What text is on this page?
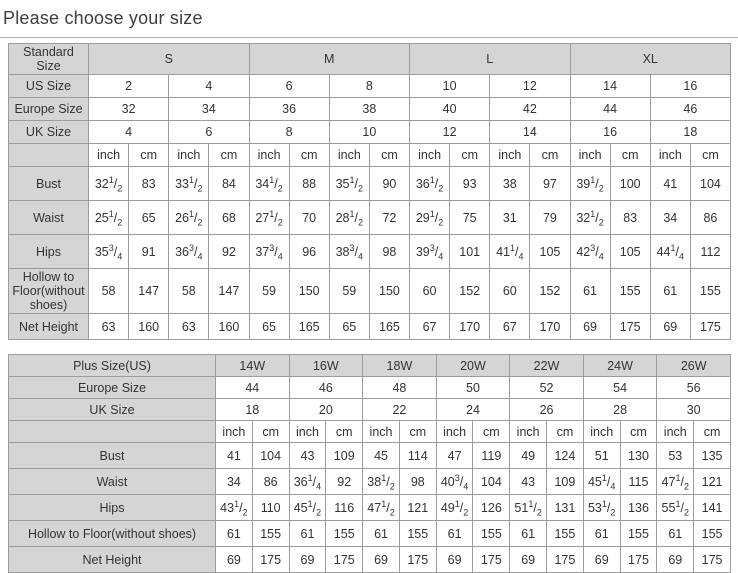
Please choose your size
Standard Size	S				M				L				XL			
US Size	2		4		6		8		10		12		14		16	
Europe Size	32		34		36		38		40		42		44		46	
UK Size	4		6		8		10		12		14		16		18	
	inch	cm	inch	cm	inch	cm	inch	cm	inch	cm	inch	cm	inch	cm	inch	cm
Bust	$32^1/_2$	83	$33^1/_2$	84	$34^1/_2$	88	$35^1/_2$	90	$36^1/_2$	93	38	97	$39^1/_2$	100	41	104
Waist	$25^1/_2$	65	$26^1/_2$	68	$27^1/_2$	70	$28^1/_2$	72	$29^1/_2$	75	31	79	$32^1/_2$	83	34	86
Hips	$35^3/_4$	91	$36^3/_4$	92	$37^3/_4$	96	$38^3/_4$	98	$39^3/_4$	101	$41^1/_4$	105	$42^3/_4$	105	$44^1/_4$	112
Hollow to Floor(without shoes)	58	147	58	147	59	150	59	150	60	152	60	152	61	155	61	155
Net Height	63	160	63	160	65	165	65	165	67	170	67	170	69	175	69	175
Plus Size(US)	14W		16W		18W		20W		22W		24W		26W	
Europe Size	44		46		48		50		52		54		56	
UK Size	18		20		22		24		26		28		30	
	inch	cm	inch	cm	inch	cm	inch	cm	inch	cm	inch	cm	inch	cm
Bust	41	104	43	109	45	114	47	119	49	124	51	130	53	135
Waist	34	86	$36^1/_4$	92	$38^1/_2$	98	$40^3/_4$	104	43	109	$45^1/_4$	115	$47^1/_2$	121
Hips	$43^1/_2$	110	$45^1/_2$	116	$47^1/_2$	121	$49^1/_2$	126	$51^1/_2$	131	$53^1/_2$	136	$55^1/_2$	141
Hollow to Floor(without shoes)	61	155	61	155	61	155	61	155	61	155	61	155	61	155
Net Height	69	175	69	175	69	175	69	175	69	175	69	175	69	175
